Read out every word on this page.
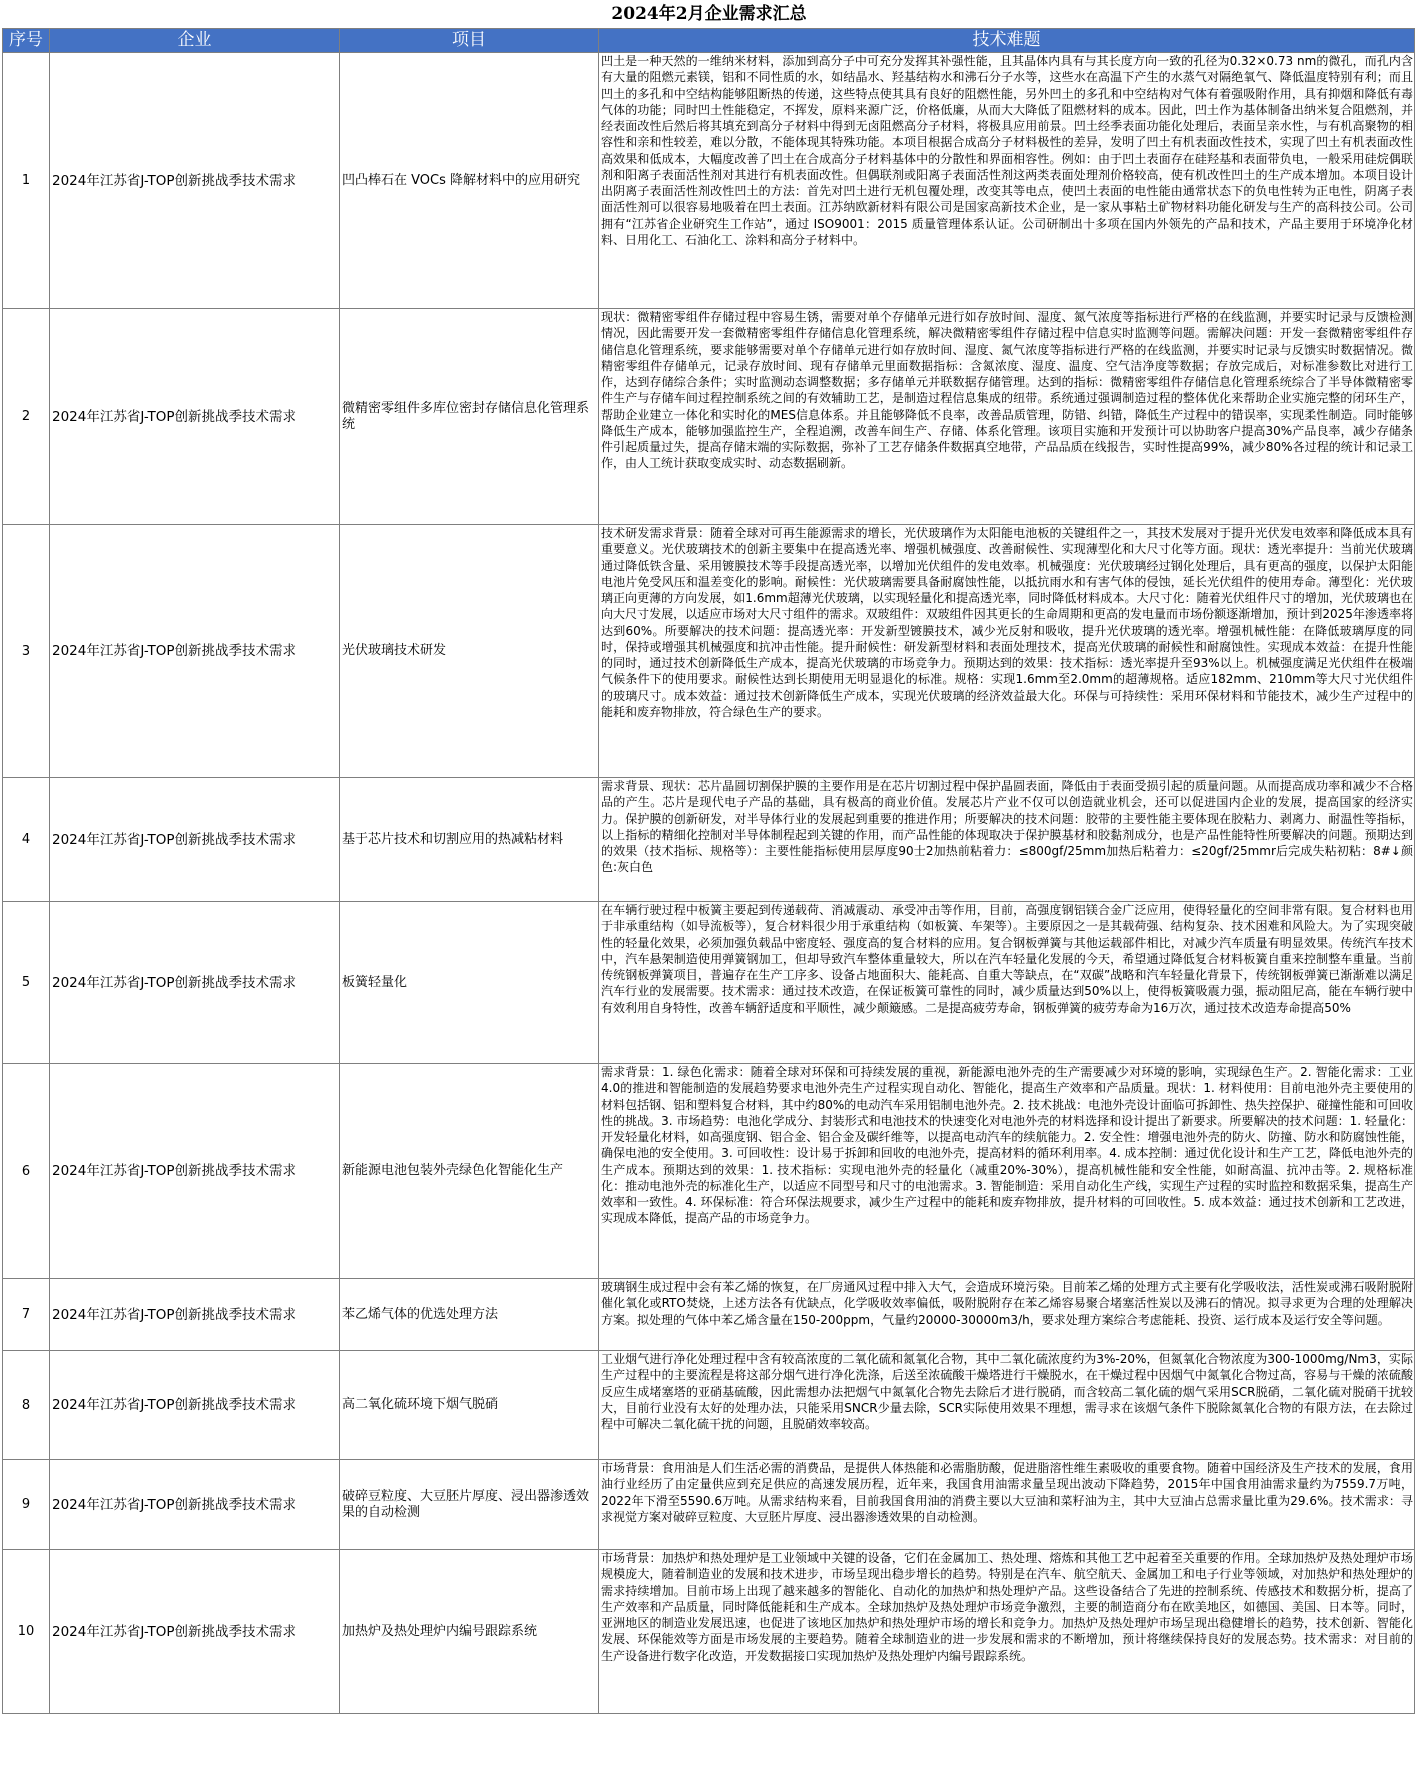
2024年2月企业需求汇总
序号	企业	项目	技术难题
1	2024年江苏省J-TOP创新挑战季技术需求	凹凸棒石在 VOCs 降解材料中的应用研究	凹土是一种天然的一维纳米材料，添加到高分子中可充分发挥其补强性能，且其晶体内具有与其长度方向一致的孔径为0.32×0.73 nm的微孔，而孔内含有大量的阻燃元素镁，铝和不同性质的水，如结晶水、羟基结构水和沸石分子水等，这些水在高温下产生的水蒸气对隔绝氧气、降低温度特别有利；而且凹土的多孔和中空结构能够阻断热的传递，这些特点使其具有良好的阻燃性能，另外凹土的多孔和中空结构对气体有着强吸附作用，具有抑烟和降低有毒气体的功能；同时凹土性能稳定，不挥发，原料来源广泛，价格低廉，从而大大降低了阻燃材料的成本。因此，凹土作为基体制备出纳米复合阻燃剂，并经表面改性后然后将其填充到高分子材料中得到无卤阻燃高分子材料，将极具应用前景。凹土经季表面功能化处理后，表面呈亲水性，与有机高聚物的相容性和亲和性较差，难以分散，不能体现其特殊功能。本项目根据合成高分子材料极性的差异，发明了凹土有机表面改性技术，实现了凹土有机表面改性高效果和低成本，大幅度改善了凹土在合成高分子材料基体中的分散性和界面相容性。例如：由于凹土表面存在硅羟基和表面带负电，一般采用硅烷偶联剂和阳离子表面活性剂对其进行有机表面改性。但偶联剂或阳离子表面活性剂这两类表面处理剂价格较高，使有机改性凹土的生产成本增加。本项目设计出阴离子表面活性剂改性凹土的方法：首先对凹土进行无机包覆处理，改变其等电点，使凹土表面的电性能由通常状态下的负电性转为正电性，阴离子表面活性剂可以很容易地吸着在凹土表面。江苏纳欧新材料有限公司是国家高新技术企业，是一家从事粘土矿物材料功能化研发与生产的高科技公司。公司拥有“江苏省企业研究生工作站”，通过 ISO9001：2015 质量管理体系认证。公司研制出十多项在国内外领先的产品和技术，产品主要用于环境净化材料、日用化工、石油化工、涂料和高分子材料中。

2	2024年江苏省J-TOP创新挑战季技术需求	微精密零组件多库位密封存储信息化管理系统	现状：微精密零组件存储过程中容易生锈，需要对单个存储单元进行如存放时间、湿度、氮气浓度等指标进行严格的在线监测，并要实时记录与反馈检测情况，因此需要开发一套微精密零组件存储信息化管理系统，解决微精密零组件存储过程中信息实时监测等问题。需解决问题：开发一套微精密零组件存储信息化管理系统，要求能够需要对单个存储单元进行如存放时间、湿度、氮气浓度等指标进行严格的在线监测，并要实时记录与反馈实时数据情况。微精密零组件存储单元，记录存放时间、现有存储单元里面数据指标：含氮浓度、湿度、温度、空气洁净度等数据；存放完成后，对标准参数比对进行工作，达到存储综合条件；实时监测动态调整数据；多存储单元并联数据存储管理。达到的指标：微精密零组件存储信息化管理系统综合了半导体微精密零件生产与存储车间过程控制系统之间的有效辅助工艺，是制造过程信息集成的纽带。系统通过强调制造过程的整体优化来帮助企业实施完整的闭环生产，帮助企业建立一体化和实时化的MES信息体系。并且能够降低不良率，改善品质管理，防错、纠错，降低生产过程中的错误率，实现柔性制造。同时能够降低生产成本，能够加强监控生产，全程追溯，改善车间生产、存储、体系化管理。该项目实施和开发预计可以协助客户提高30%产品良率，减少存储条件引起质量过失，提高存储末端的实际数据，弥补了工艺存储条件数据真空地带，产品品质在线报告，实时性提高99%，减少80%各过程的统计和记录工作，由人工统计获取变成实时、动态数据刷新。

3	2024年江苏省J-TOP创新挑战季技术需求	光伏玻璃技术研发	技术研发需求背景：随着全球对可再生能源需求的增长，光伏玻璃作为太阳能电池板的关键组件之一，其技术发展对于提升光伏发电效率和降低成本具有重要意义。光伏玻璃技术的创新主要集中在提高透光率、增强机械强度、改善耐候性、实现薄型化和大尺寸化等方面。现状：透光率提升：当前光伏玻璃通过降低铁含量、采用镀膜技术等手段提高透光率，以增加光伏组件的发电效率。机械强度：光伏玻璃经过钢化处理后，具有更高的强度，以保护太阳能电池片免受风压和温差变化的影响。耐候性：光伏玻璃需要具备耐腐蚀性能，以抵抗雨水和有害气体的侵蚀，延长光伏组件的使用寿命。薄型化：光伏玻璃正向更薄的方向发展，如1.6mm超薄光伏玻璃，以实现轻量化和提高透光率，同时降低材料成本。大尺寸化：随着光伏组件尺寸的增加，光伏玻璃也在向大尺寸发展，以适应市场对大尺寸组件的需求。双玻组件：双玻组件因其更长的生命周期和更高的发电量而市场份额逐渐增加，预计到2025年渗透率将达到60%。所要解决的技术问题：提高透光率：开发新型镀膜技术，减少光反射和吸收，提升光伏玻璃的透光率。增强机械性能：在降低玻璃厚度的同时，保持或增强其机械强度和抗冲击性能。提升耐候性：研发新型材料和表面处理技术，提高光伏玻璃的耐候性和耐腐蚀性。实现成本效益：在提升性能的同时，通过技术创新降低生产成本，提高光伏玻璃的市场竞争力。预期达到的效果：技术指标：透光率提升至93%以上。机械强度满足光伏组件在极端气候条件下的使用要求。耐候性达到长期使用无明显退化的标准。规格：实现1.6mm至2.0mm的超薄规格。适应182mm、210mm等大尺寸光伏组件的玻璃尺寸。成本效益：通过技术创新降低生产成本，实现光伏玻璃的经济效益最大化。环保与可持续性：采用环保材料和节能技术，减少生产过程中的能耗和废弃物排放，符合绿色生产的要求。

4	2024年江苏省J-TOP创新挑战季技术需求	基于芯片技术和切割应用的热减粘材料	需求背景、现状：芯片晶圆切割保护膜的主要作用是在芯片切割过程中保护晶圆表面，降低由于表面受损引起的质量问题。从而提高成功率和减少不合格品的产生。芯片是现代电子产品的基础，具有极高的商业价值。发展芯片产业不仅可以创造就业机会，还可以促进国内企业的发展，提高国家的经济实力。保护膜的创新研发，对半导体行业的发展起到重要的推进作用；所要解决的技术问题：胶带的主要性能主要体现在胶粘力、剥离力、耐温性等指标，以上指标的精细化控制对半导体制程起到关键的作用，而产品性能的体现取决于保护膜基材和胶黏剂成分，也是产品性能特性所要解决的问题。预期达到的效果（技术指标、规格等）：主要性能指标使用层厚度90士2加热前粘着力：≤800gf/25mm加热后粘着力：≤20gf/25mmr后完成失粘初粘：8#↓颜色:灰白色

5	2024年江苏省J-TOP创新挑战季技术需求	板簧轻量化	在车辆行驶过程中板簧主要起到传递载荷、消减震动、承受冲击等作用，目前，高强度钢铝镁合金广泛应用，使得轻量化的空间非常有限。复合材料也用于非承重结构（如导流板等），复合材料很少用于承重结构（如板簧、车架等）。主要原因之一是其载荷强、结构复杂、技术困难和风险大。为了实现突破性的轻量化效果，必须加强负载品中密度轻、强度高的复合材料的应用。复合钢板弹簧与其他运载部件相比，对减少汽车质量有明显效果。传统汽车技术中，汽车悬架制造使用弹簧钢加工，但却导致汽车整体重量较大，所以在汽车轻量化发展的今天，希望通过降低复合材料板簧自重来控制整车重量。当前传统钢板弹簧项目，普遍存在生产工序多、设备占地面积大、能耗高、自重大等缺点，在“双碳”战略和汽车轻量化背景下，传统钢板弹簧已渐渐难以满足汽车行业的发展需要。技术需求：通过技术改造，在保证板簧可靠性的同时，减少质量达到50%以上，使得板簧吸震力强，振动阻尼高，能在车辆行驶中有效利用自身特性，改善车辆舒适度和平顺性，减少颠簸感。二是提高疲劳寿命，钢板弹簧的疲劳寿命为16万次，通过技术改造寿命提高50%

6	2024年江苏省J-TOP创新挑战季技术需求	新能源电池包装外壳绿色化智能化生产	需求背景：1. 绿色化需求：随着全球对环保和可持续发展的重视，新能源电池外壳的生产需要减少对环境的影响，实现绿色生产。2. 智能化需求：工业4.0的推进和智能制造的发展趋势要求电池外壳生产过程实现自动化、智能化，提高生产效率和产品质量。现状：1. 材料使用：目前电池外壳主要使用的材料包括钢、铝和塑料复合材料，其中约80%的电动汽车采用铝制电池外壳。2. 技术挑战：电池外壳设计面临可拆卸性、热失控保护、碰撞性能和可回收性的挑战。3. 市场趋势：电池化学成分、封装形式和电池技术的快速变化对电池外壳的材料选择和设计提出了新要求。所要解决的技术问题：1. 轻量化：开发轻量化材料，如高强度钢、铝合金、铝合金及碳纤维等，以提高电动汽车的续航能力。2. 安全性：增强电池外壳的防火、防撞、防水和防腐蚀性能，确保电池的安全使用。3. 可回收性：设计易于拆卸和回收的电池外壳，提高材料的循环利用率。4. 成本控制：通过优化设计和生产工艺，降低电池外壳的生产成本。预期达到的效果：1. 技术指标：实现电池外壳的轻量化（减重20%-30%），提高机械性能和安全性能，如耐高温、抗冲击等。2. 规格标准化：推动电池外壳的标准化生产，以适应不同型号和尺寸的电池需求。3. 智能制造：采用自动化生产线，实现生产过程的实时监控和数据采集，提高生产效率和一致性。4. 环保标准：符合环保法规要求，减少生产过程中的能耗和废弃物排放，提升材料的可回收性。5. 成本效益：通过技术创新和工艺改进，实现成本降低，提高产品的市场竞争力。

7	2024年江苏省J-TOP创新挑战季技术需求	苯乙烯气体的优选处理方法	玻璃钢生成过程中会有苯乙烯的恢复，在厂房通风过程中排入大气，会造成环境污染。目前苯乙烯的处理方式主要有化学吸收法，活性炭或沸石吸附脱附催化氧化或RTO焚烧，上述方法各有优缺点，化学吸收效率偏低，吸附脱附存在苯乙烯容易聚合堵塞活性炭以及沸石的情况。拟寻求更为合理的处理解决方案。拟处理的气体中苯乙烯含量在150-200ppm，气量约20000-30000m3/h，要求处理方案综合考虑能耗、投资、运行成本及运行安全等问题。

8	2024年江苏省J-TOP创新挑战季技术需求	高二氧化硫环境下烟气脱硝	工业烟气进行净化处理过程中含有较高浓度的二氧化硫和氮氧化合物，其中二氧化硫浓度约为3%-20%，但氮氧化合物浓度为300-1000mg/Nm3，实际生产过程中的主要流程是将这部分烟气进行净化洗涤，后送至浓硫酸干燥塔进行干燥脱水，在干燥过程中因烟气中氮氧化合物过高，容易与干燥的浓硫酸反应生成堵塞塔的亚硝基硫酸，因此需想办法把烟气中氮氧化合物先去除后才进行脱硝，而含较高二氧化硫的烟气采用SCR脱硝，二氧化硫对脱硝干扰较大，目前行业没有太好的处理办法，只能采用SNCR少量去除，SCR实际使用效果不理想，需寻求在该烟气条件下脱除氮氧化合物的有限方法，在去除过程中可解决二氧化硫干扰的问题，且脱硝效率较高。

9	2024年江苏省J-TOP创新挑战季技术需求	破碎豆粒度、大豆胚片厚度、浸出器渗透效果的自动检测	市场背景：食用油是人们生活必需的消费品，是提供人体热能和必需脂肪酸，促进脂溶性维生素吸收的重要食物。随着中国经济及生产技术的发展，食用油行业经历了由定量供应到充足供应的高速发展历程，近年来，我国食用油需求量呈现出波动下降趋势，2015年中国食用油需求量约为7559.7万吨，2022年下滑至5590.6万吨。从需求结构来看，目前我国食用油的消费主要以大豆油和菜籽油为主，其中大豆油占总需求量比重为29.6%。技术需求：寻求视觉方案对破碎豆粒度、大豆胚片厚度、浸出器渗透效果的自动检测。

10	2024年江苏省J-TOP创新挑战季技术需求	加热炉及热处理炉内编号跟踪系统	市场背景：加热炉和热处理炉是工业领域中关键的设备，它们在金属加工、热处理、熔炼和其他工艺中起着至关重要的作用。全球加热炉及热处理炉市场规模庞大，随着制造业的发展和技术进步，市场呈现出稳步增长的趋势。特别是在汽车、航空航天、金属加工和电子行业等领域，对加热炉和热处理炉的需求持续增加。目前市场上出现了越来越多的智能化、自动化的加热炉和热处理炉产品。这些设备结合了先进的控制系统、传感技术和数据分析，提高了生产效率和产品质量，同时降低能耗和生产成本。全球加热炉及热处理炉市场竞争激烈，主要的制造商分布在欧美地区，如德国、美国、日本等。同时，亚洲地区的制造业发展迅速，也促进了该地区加热炉和热处理炉市场的增长和竞争力。加热炉及热处理炉市场呈现出稳健增长的趋势，技术创新、智能化发展、环保能效等方面是市场发展的主要趋势。随着全球制造业的进一步发展和需求的不断增加，预计将继续保持良好的发展态势。技术需求：对目前的生产设备进行数字化改造，开发数据接口实现加热炉及热处理炉内编号跟踪系统。
